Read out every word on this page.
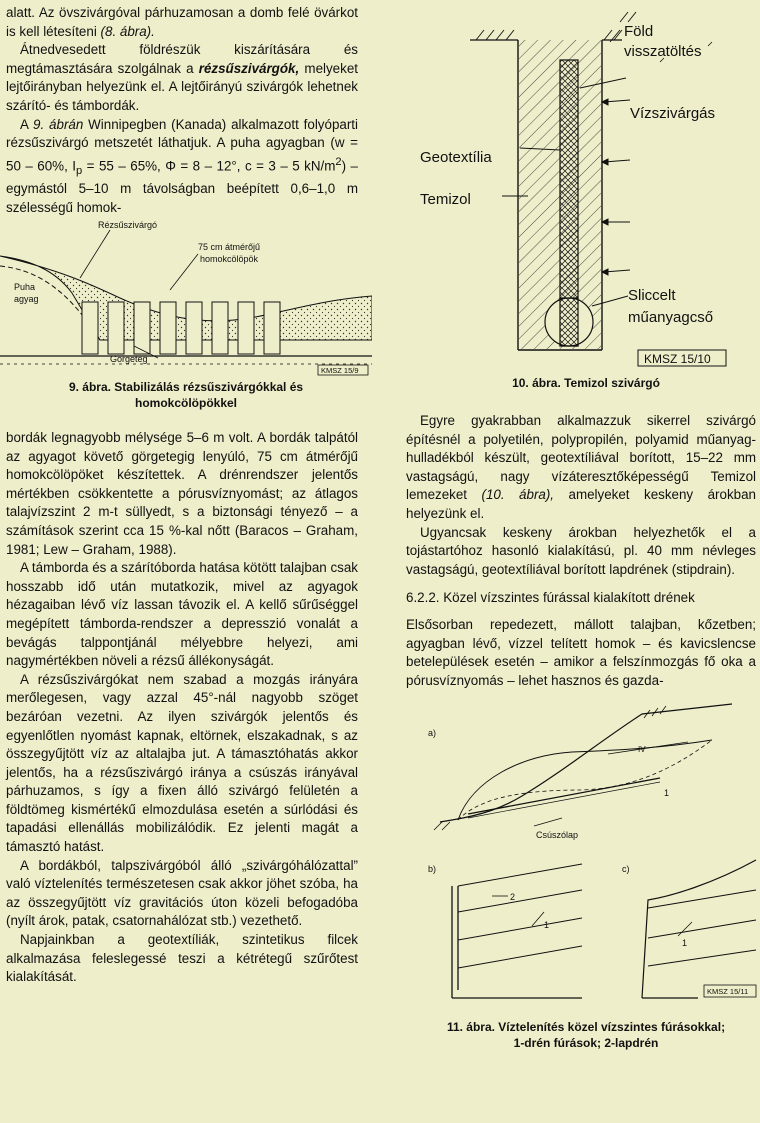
alatt. Az övszivárgóval párhuzamosan a domb felé övárkot is kell létesíteni (8. ábra).

Átnedvesedett földrészük kiszárítására és megtámasztására szolgálnak a rézsűszivárgók, melyeket lejtőirányban helyezünk el. A lejtőirányú szivárgók lehetnek szárító- és támbordák.

A 9. ábrán Winnipegben (Kanada) alkalmazott folyóparti rézsűszivárgó metszetét láthatjuk. A puha agyagban (w = 50 – 60%, $I_p = 55 - 65\%$, Φ = 8 – 12°, c = 3 – 5 $kN/m^2$) – egymástól 5–10 m távolságban beépített 0,6–1,0 m szélességű homok-

Rézsűszivárgó
75 cm átmérőjű
homokcölöpök
Puha
agyag
Görgeteg
KMSZ 15/9
9. ábra. Stabilizálás rézsűszivárgókkal és
homokcölöpökkel

bordák legnagyobb mélysége 5–6 m volt. A bordák talpától az agyagot követő görgetegig lenyúló, 75 cm átmérőjű homokcölöpöket készítettek. A drénrendszer jelentős mértékben csökkentette a pórusvíznyomást; az átlagos talajvízszint 2 m-t süllyedt, s a biztonsági tényező – a számítások szerint cca 15 %-kal nőtt (Baracos – Graham, 1981; Lew – Graham, 1988).

A támborda és a szárítóborda hatása kötött talajban csak hosszabb idő után mutatkozik, mivel az agyagok hézagaiban lévő víz lassan távozik el. A kellő sűrűséggel megépített támborda-rendszer a depresszió vonalát a bevágás talppontjánál mélyebbre helyezi, ami nagymértékben növeli a rézsű állékonyságát.

A rézsűszivárgókat nem szabad a mozgás irányára merőlegesen, vagy azzal 45°-nál nagyobb szöget bezáróan vezetni. Az ilyen szivárgók jelentős és egyenlőtlen nyomást kapnak, eltörnek, elszakadnak, s az összegyűjtött víz az altalajba jut. A támasztóhatás akkor jelentős, ha a rézsűszivárgó iránya a csúszás irányával párhuzamos, s így a fixen álló szivárgó felületén a földtömeg kismértékű elmozdulása esetén a súrlódási és tapadási ellenállás mobilizálódik. Ez jelenti magát a támasztó hatást.

A bordákból, talpszivárgóból álló „szivárgóhálózattal” való víztelenítés természetesen csak akkor jöhet szóba, ha az összegyűjtött víz gravitációs úton közeli befogadóba (nyílt árok, patak, csatornahálózat stb.) vezethető.

Napjainkban a geotextíliák, szintetikus filcek alkalmazása feleslegessé teszi a kétrétegű szűrőtest kialakítását.

Föld
visszatöltés
Vízszivárgás
Geotextília
Temizol
Sliccelt
műanyagcső
KMSZ 15/10
10. ábra. Temizol szivárgó

Egyre gyakrabban alkalmazzuk sikerrel szivárgó építésnél a polyetilén, polypropilén, polyamid műanyag-hulladékból készült, geotextíliával borított, 15–22 mm vastagságú, nagy vízáteresztőképességű Temizol lemezeket (10. ábra), amelyeket keskeny árokban helyezünk el.

Ugyancsak keskeny árokban helyezhetők el a tojástartóhoz hasonló kialakítású, pl. 40 mm névleges vastagságú, geotextíliával borított lapdrének (stipdrain).

6.2.2. Közel vízszintes fúrással kialakított drének

Elsősorban repedezett, mállott talajban, kőzetben; agyagban lévő, vízzel telített homok – és kavicslencse betelepülések esetén – amikor a felszínmozgás fő oka a pórusvíznyomás – lehet hasznos és gazda-

a)
IV
1
Csúszólap
b)
2
1
c)
1
KMSZ 15/11
11. ábra. Víztelenítés közel vízszintes fúrásokkal;
1-drén fúrások; 2-lapdrén
